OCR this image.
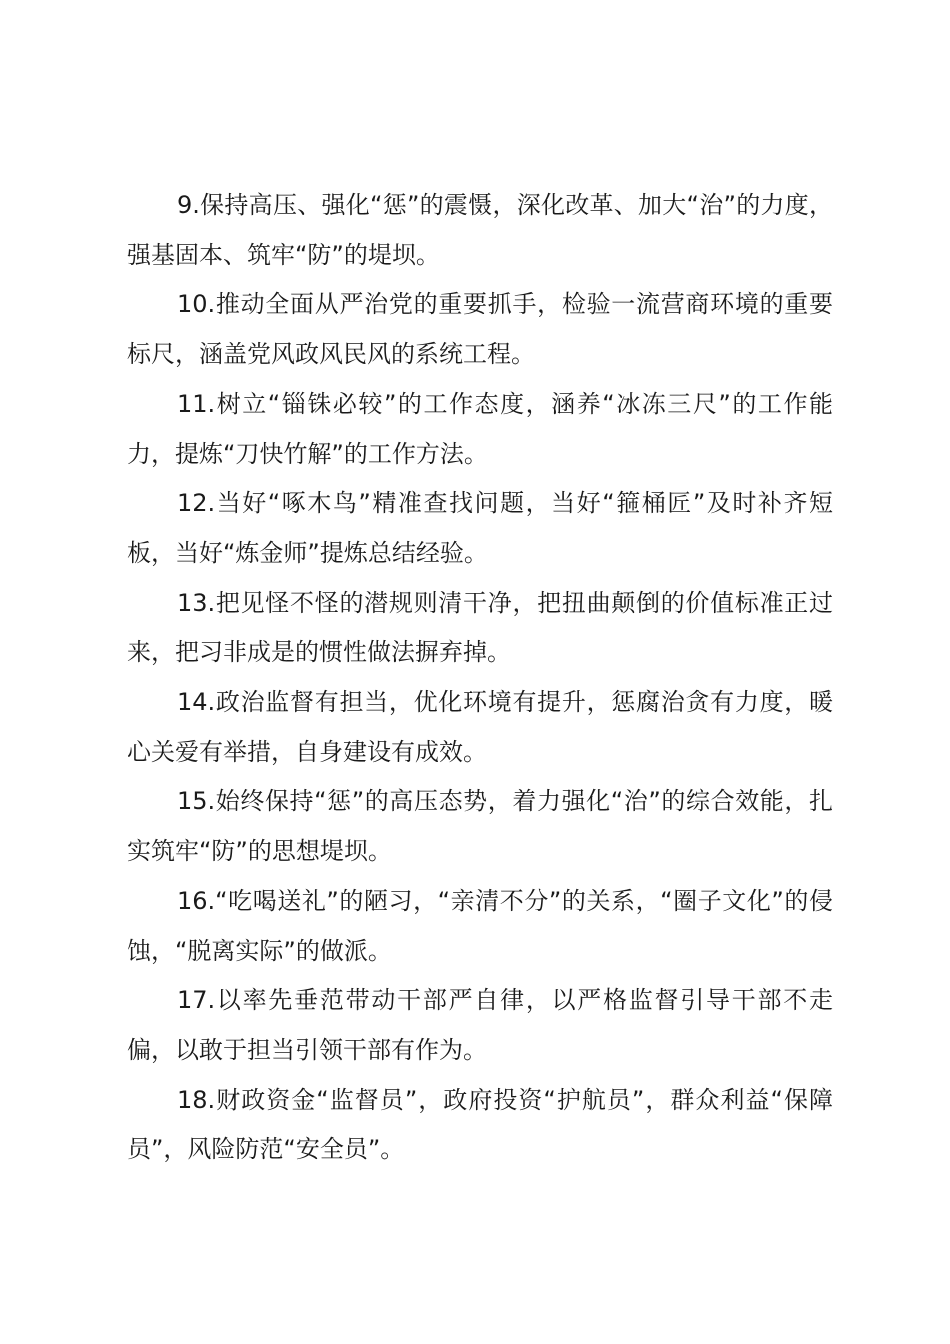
9.保持高压、强化“惩”的震慑，深化改革、加大“治”的力度，强基固本、筑牢“防”的堤坝。

10.推动全面从严治党的重要抓手，检验一流营商环境的重要标尺，涵盖党风政风民风的系统工程。

11.树立“锱铢必较”的工作态度，涵养“冰冻三尺”的工作能力，提炼“刀快竹解”的工作方法。

12.当好“啄木鸟”精准查找问题，当好“箍桶匠”及时补齐短板，当好“炼金师”提炼总结经验。

13.把见怪不怪的潜规则清干净，把扭曲颠倒的价值标准正过来，把习非成是的惯性做法摒弃掉。

14.政治监督有担当，优化环境有提升，惩腐治贪有力度，暖心关爱有举措，自身建设有成效。

15.始终保持“惩”的高压态势，着力强化“治”的综合效能，扎实筑牢“防”的思想堤坝。

16.“吃喝送礼”的陋习，“亲清不分”的关系，“圈子文化”的侵蚀，“脱离实际”的做派。

17.以率先垂范带动干部严自律，以严格监督引导干部不走偏，以敢于担当引领干部有作为。

18.财政资金“监督员”，政府投资“护航员”，群众利益“保障员”，风险防范“安全员”。
